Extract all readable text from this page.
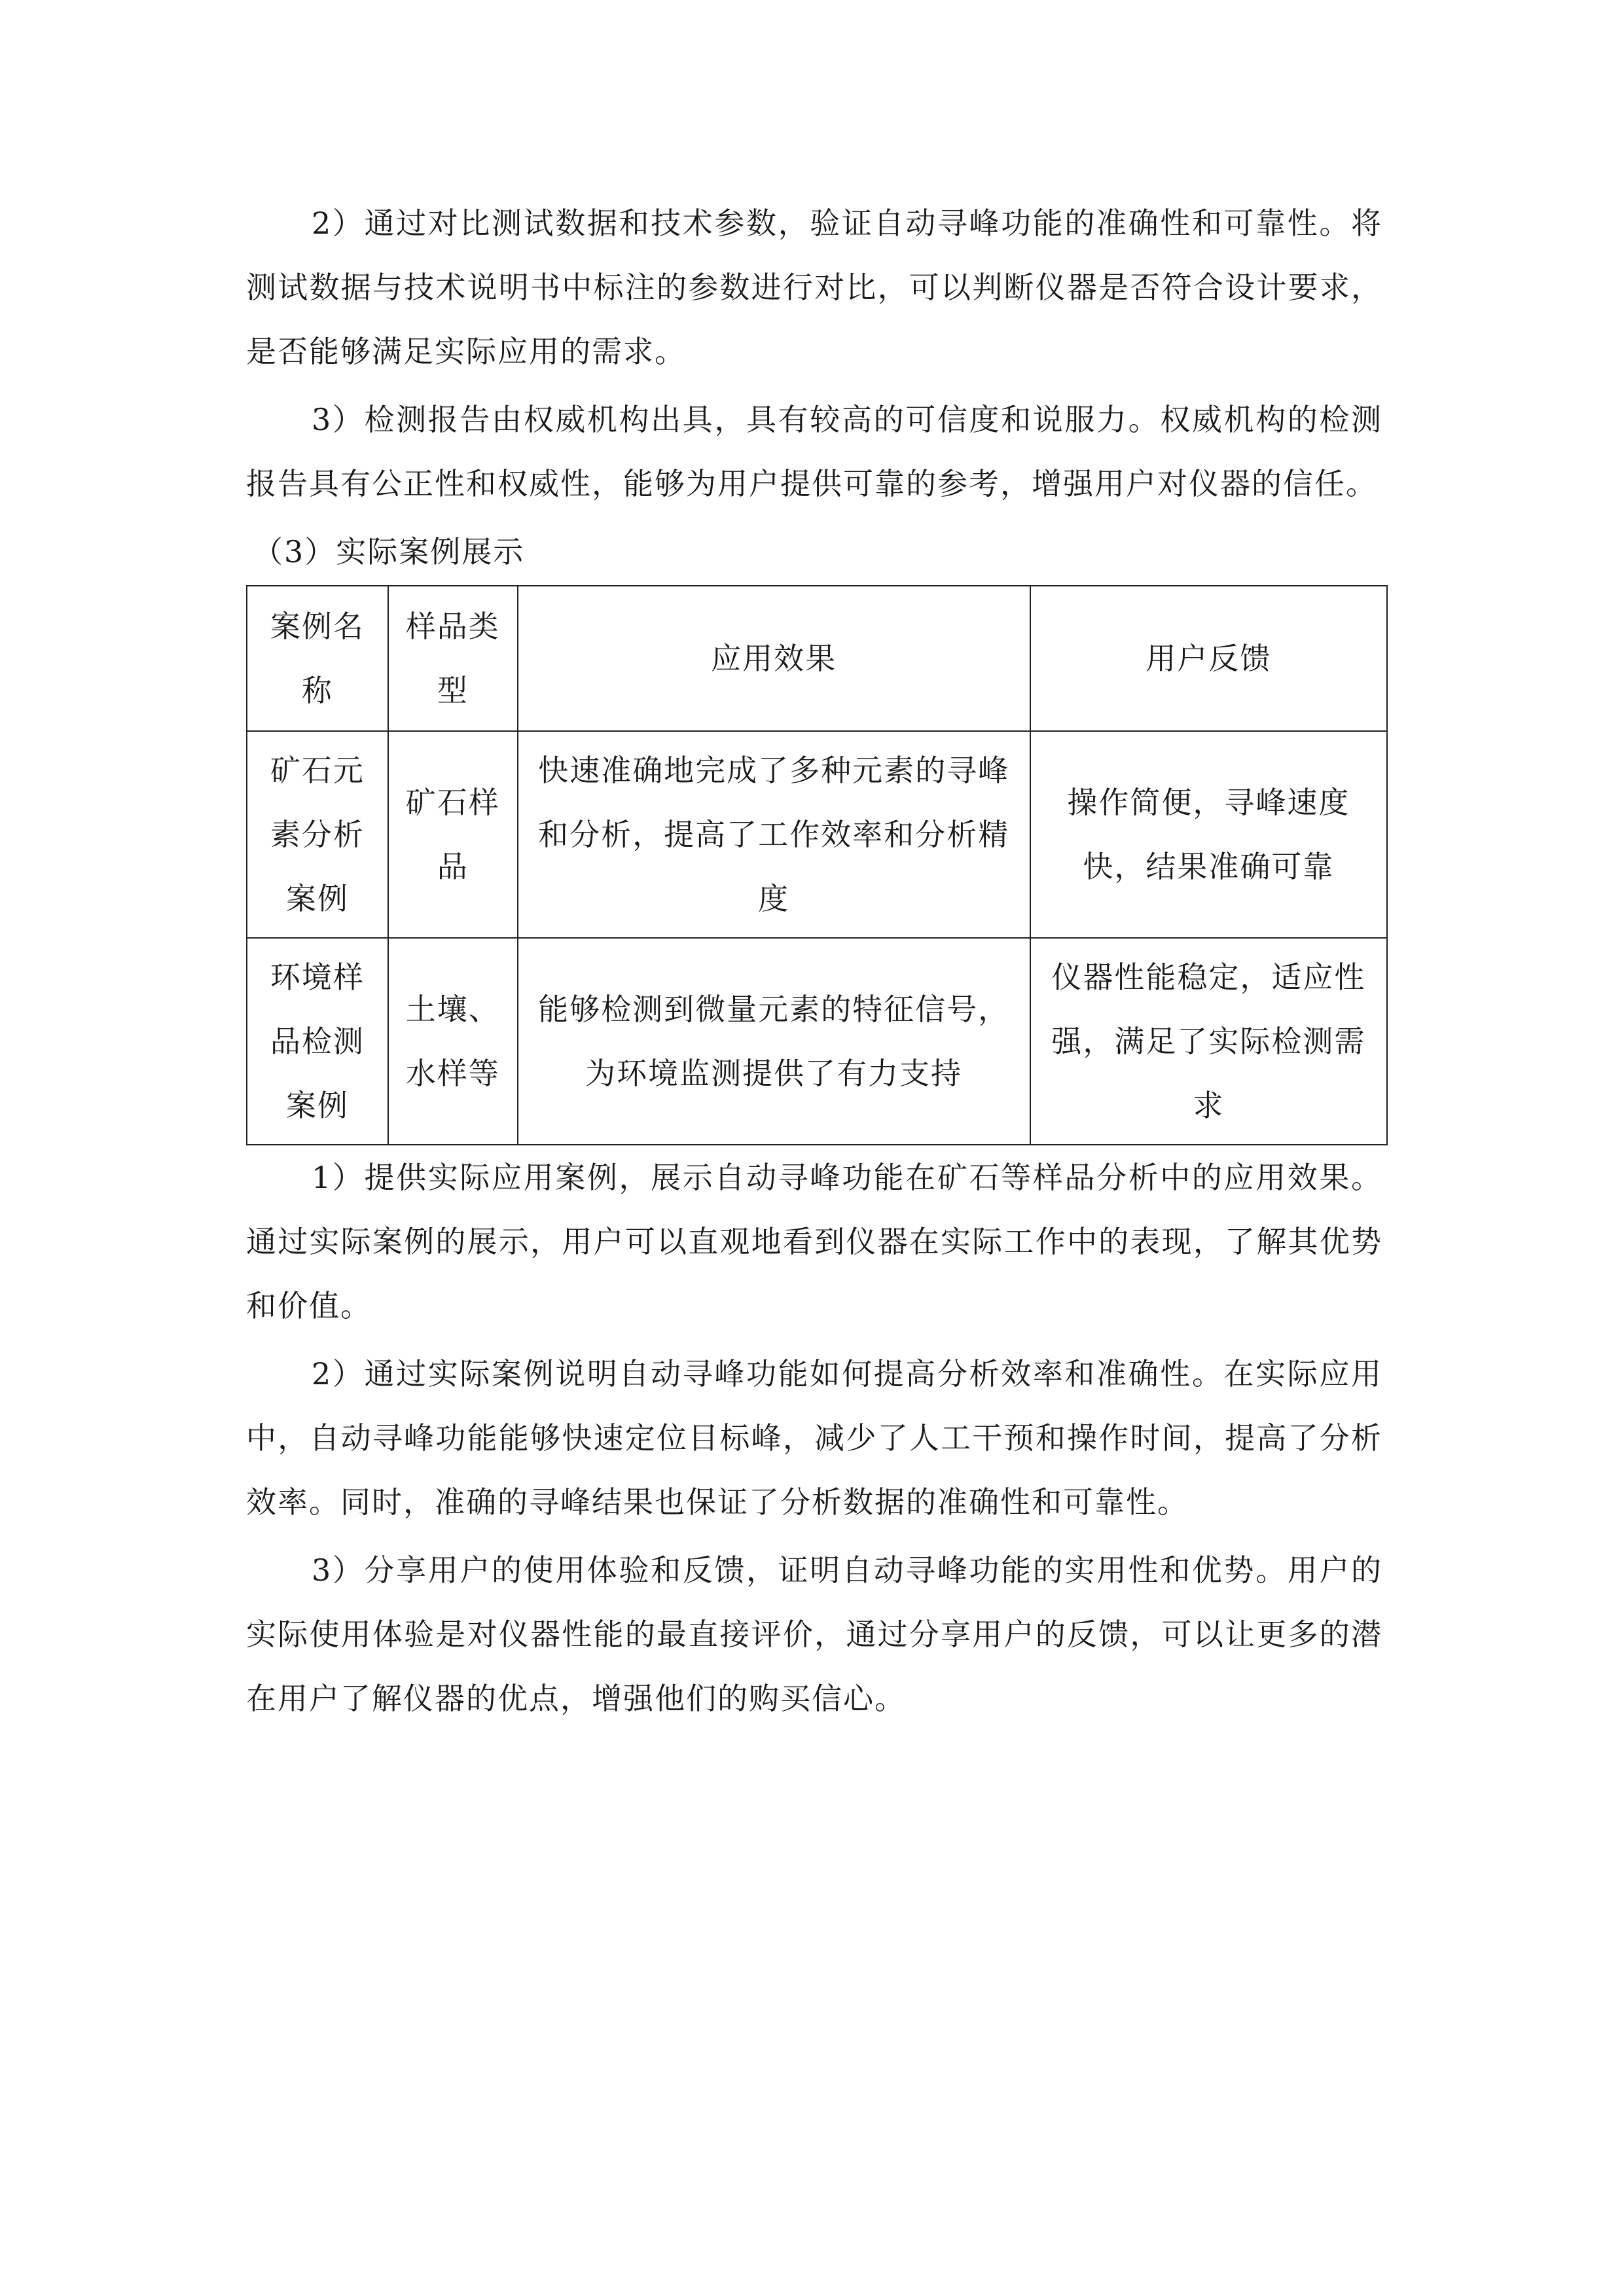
2）通过对比测试数据和技术参数，验证自动寻峰功能的准确性和可靠性。将测试数据与技术说明书中标注的参数进行对比，可以判断仪器是否符合设计要求，是否能够满足实际应用的需求。

3）检测报告由权威机构出具，具有较高的可信度和说服力。权威机构的检测报告具有公正性和权威性，能够为用户提供可靠的参考，增强用户对仪器的信任。

（3）实际案例展示

案例名称	样品类型	应用效果	用户反馈
矿石元素分析案例	矿石样品	快速准确地完成了多种元素的寻峰和分析，提高了工作效率和分析精度	操作简便，寻峰速度快，结果准确可靠
环境样品检测案例	土壤、水样等	能够检测到微量元素的特征信号，为环境监测提供了有力支持	仪器性能稳定，适应性强，满足了实际检测需求

1）提供实际应用案例，展示自动寻峰功能在矿石等样品分析中的应用效果。通过实际案例的展示，用户可以直观地看到仪器在实际工作中的表现，了解其优势和价值。

2）通过实际案例说明自动寻峰功能如何提高分析效率和准确性。在实际应用中，自动寻峰功能能够快速定位目标峰，减少了人工干预和操作时间，提高了分析效率。同时，准确的寻峰结果也保证了分析数据的准确性和可靠性。

3）分享用户的使用体验和反馈，证明自动寻峰功能的实用性和优势。用户的实际使用体验是对仪器性能的最直接评价，通过分享用户的反馈，可以让更多的潜在用户了解仪器的优点，增强他们的购买信心。
